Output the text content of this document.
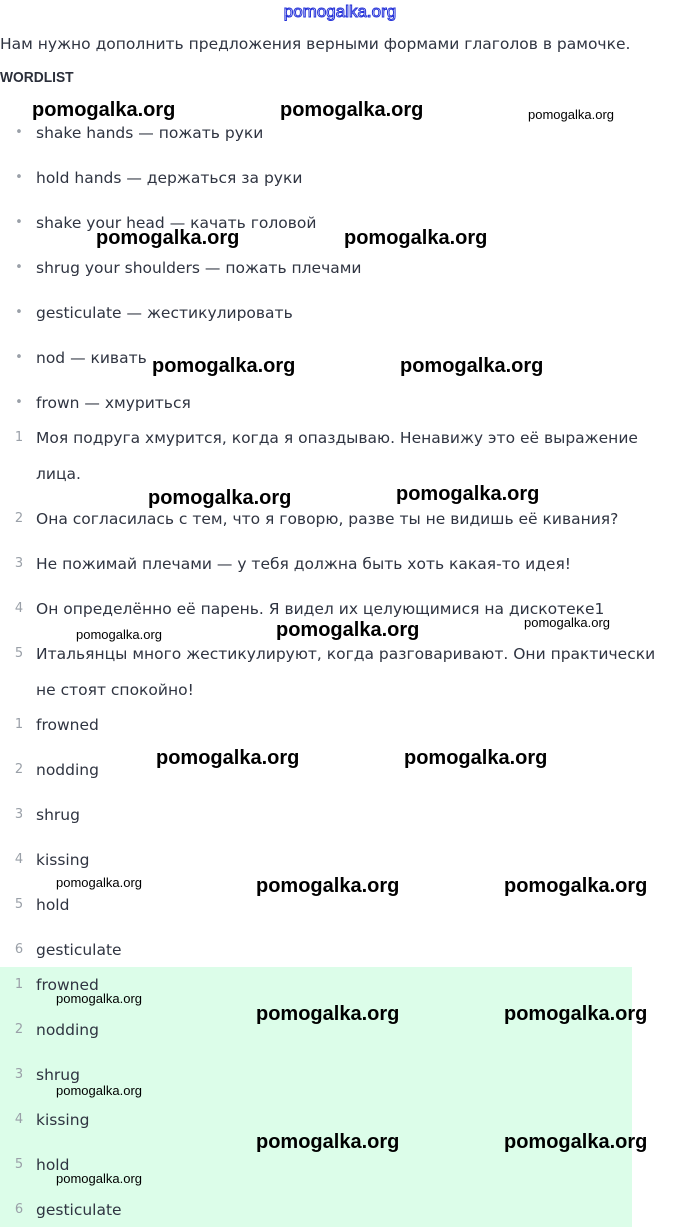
pomogalka.org
Нам нужно дополнить предложения верными формами глаголов в рамочке.
WORDLIST
• shake hands — пожать руки
• hold hands — держаться за руки
• shake your head — качать головой
• shrug your shoulders — пожать плечами
• gesticulate — жестикулировать
• nod — кивать
• frown — хмуриться
1 Моя подруга хмурится, когда я опаздываю. Ненавижу это её выражение лица.
2 Она согласилась с тем, что я говорю, разве ты не видишь её кивания?
3 Не пожимай плечами — у тебя должна быть хоть какая-то идея!
4 Он определённо её парень. Я видел их целующимися на дискотеке1
5 Итальянцы много жестикулируют, когда разговаривают. Они практически не стоят спокойно!
1 frowned
2 nodding
3 shrug
4 kissing
5 hold
6 gesticulate
1 frowned
2 nodding
3 shrug
4 kissing
5 hold
6 gesticulate
pomogalka.org	pomogalka.org	pomogalka.org
pomogalka.org	pomogalka.org
pomogalka.org	pomogalka.org
pomogalka.org	pomogalka.org
pomogalka.org	pomogalka.org	pomogalka.org
pomogalka.org	pomogalka.org
pomogalka.org	pomogalka.org	pomogalka.org
pomogalka.org
pomogalka.org	pomogalka.org
pomogalka.org
pomogalka.org	pomogalka.org
pomogalka.org
